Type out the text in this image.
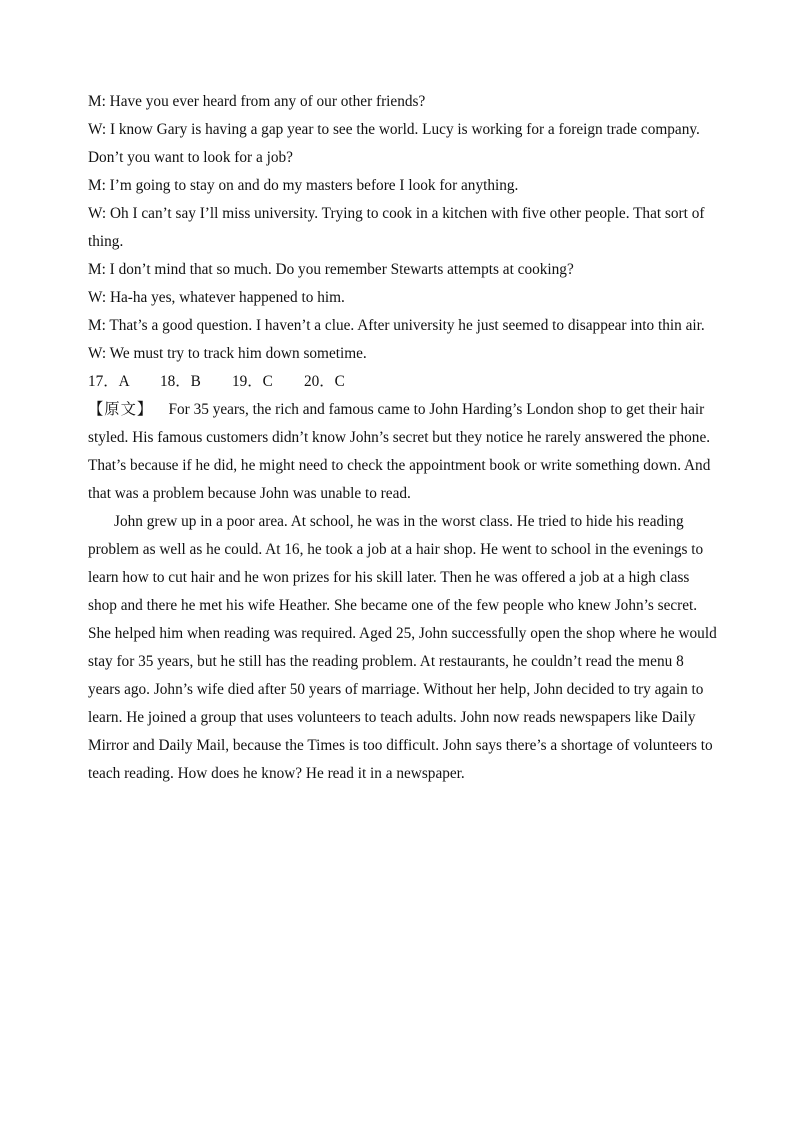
M: Have you ever heard from any of our other friends?

W: I know Gary is having a gap year to see the world. Lucy is working for a foreign trade company. Don’t you want to look for a job?

M: I’m going to stay on and do my masters before I look for anything.

W: Oh I can’t say I’ll miss university. Trying to cook in a kitchen with five other people. That sort of thing.

M: I don’t mind that so much. Do you remember Stewarts attempts at cooking?

W: Ha-ha yes, whatever happened to him.

M: That’s a good question. I haven’t a clue. After university he just seemed to disappear into thin air.

W: We must try to track him down sometime.

17．A 18．B 19．C 20．C

【原文】 For 35 years, the rich and famous came to John Harding’s London shop to get their hair styled. His famous customers didn’t know John’s secret but they notice he rarely answered the phone. That’s because if he did, he might need to check the appointment book or write something down. And that was a problem because John was unable to read.

John grew up in a poor area. At school, he was in the worst class. He tried to hide his reading problem as well as he could. At 16, he took a job at a hair shop. He went to school in the evenings to learn how to cut hair and he won prizes for his skill later. Then he was offered a job at a high class shop and there he met his wife Heather. She became one of the few people who knew John’s secret. She helped him when reading was required. Aged 25, John successfully open the shop where he would stay for 35 years, but he still has the reading problem. At restaurants, he couldn’t read the menu 8 years ago. John’s wife died after 50 years of marriage. Without her help, John decided to try again to learn. He joined a group that uses volunteers to teach adults. John now reads newspapers like Daily Mirror and Daily Mail, because the Times is too difficult. John says there’s a shortage of volunteers to teach reading. How does he know? He read it in a newspaper.
